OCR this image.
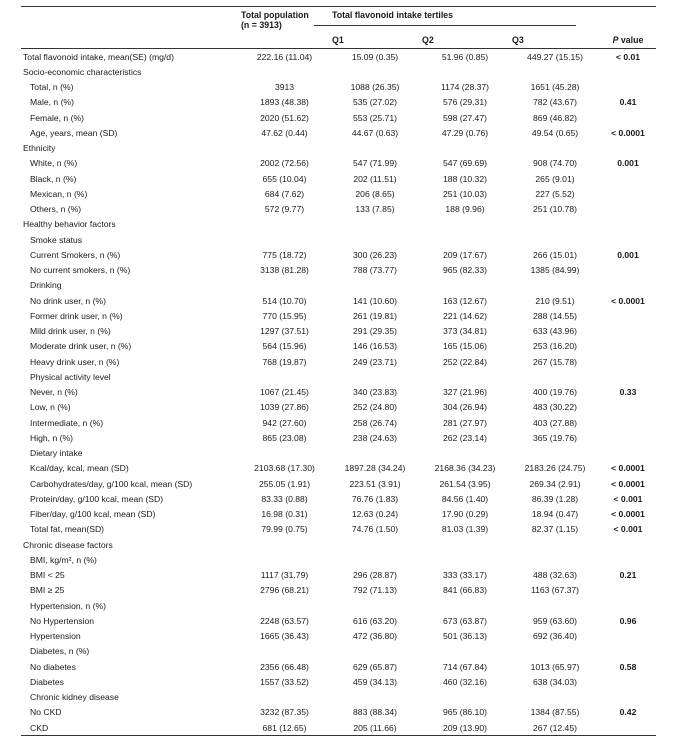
	Total population
(n = 3913)	Total flavonoid intake tertiles			
		Q1	Q2	Q3	P value
Total flavonoid intake, mean(SE) (mg/d)	222.16 (11.04)	15.09 (0.35)	51.96 (0.85)	449.27 (15.15)	< 0.01
Socio-economic characteristics					
Total, n (%)	3913	1088 (26.35)	1174 (28.37)	1651 (45.28)	
Male, n (%)	1893 (48.38)	535 (27.02)	576 (29.31)	782 (43.67)	0.41
Female, n (%)	2020 (51.62)	553 (25.71)	598 (27.47)	869 (46.82)	
Age, years, mean (SD)	47.62 (0.44)	44.67 (0.63)	47.29 (0.76)	49.54 (0.65)	< 0.0001
Ethnicity					
White, n (%)	2002 (72.56)	547 (71.99)	547 (69.69)	908 (74.70)	0.001
Black, n (%)	655 (10.04)	202 (11.51)	188 (10.32)	265 (9.01)	
Mexican, n (%)	684 (7.62)	206 (8.65)	251 (10.03)	227 (5.52)	
Others, n (%)	572 (9.77)	133 (7.85)	188 (9.96)	251 (10.78)	
Healthy behavior factors					
Smoke status					
Current Smokers, n (%)	775 (18.72)	300 (26.23)	209 (17.67)	266 (15.01)	0.001
No current smokers, n (%)	3138 (81.28)	788 (73.77)	965 (82.33)	1385 (84.99)	
Drinking					
No drink user, n (%)	514 (10.70)	141 (10.60)	163 (12.67)	210 (9.51)	< 0.0001
Former drink user, n (%)	770 (15.95)	261 (19.81)	221 (14.62)	288 (14.55)	
Mild drink user, n (%)	1297 (37.51)	291 (29.35)	373 (34.81)	633 (43.96)	
Moderate drink user, n (%)	564 (15.96)	146 (16.53)	165 (15.06)	253 (16.20)	
Heavy drink user, n (%)	768 (19.87)	249 (23.71)	252 (22.84)	267 (15.78)	
Physical activity level					
Never, n (%)	1067 (21.45)	340 (23.83)	327 (21.96)	400 (19.76)	0.33
Low, n (%)	1039 (27.86)	252 (24.80)	304 (26.94)	483 (30.22)	
Intermediate, n (%)	942 (27.60)	258 (26.74)	281 (27.97)	403 (27.88)	
High, n (%)	865 (23.08)	238 (24.63)	262 (23.14)	365 (19.76)	
Dietary intake					
Kcal/day, kcal, mean (SD)	2103.68 (17.30)	1897.28 (34.24)	2168.36 (34.23)	2183.26 (24.75)	< 0.0001
Carbohydrates/day, g/100 kcal, mean (SD)	255.05 (1.91)	223.51 (3.91)	261.54 (3.95)	269.34 (2.91)	< 0.0001
Protein/day, g/100 kcal, mean (SD)	83.33 (0.88)	76.76 (1.83)	84.56 (1.40)	86.39 (1.28)	< 0.001
Fiber/day, g/100 kcal, mean (SD)	16.98 (0.31)	12.63 (0.24)	17.90 (0.29)	18.94 (0.47)	< 0.0001
Total fat, mean(SD)	79.99 (0.75)	74.76 (1.50)	81.03 (1.39)	82.37 (1.15)	< 0.001
Chronic disease factors					
BMI, kg/m², n (%)					
BMI < 25	1117 (31.79)	296 (28.87)	333 (33.17)	488 (32.63)	0.21
BMI ≥ 25	2796 (68.21)	792 (71.13)	841 (66.83)	1163 (67.37)	
Hypertension, n (%)					
No Hypertension	2248 (63.57)	616 (63.20)	673 (63.87)	959 (63.60)	0.96
Hypertension	1665 (36.43)	472 (36.80)	501 (36.13)	692 (36.40)	
Diabetes, n (%)					
No diabetes	2356 (66.48)	629 (65.87)	714 (67.84)	1013 (65.97)	0.58
Diabetes	1557 (33.52)	459 (34.13)	460 (32.16)	638 (34.03)	
Chronic kidney disease					
No CKD	3232 (87.35)	883 (88.34)	965 (86.10)	1384 (87.55)	0.42
CKD	681 (12.65)	205 (11.66)	209 (13.90)	267 (12.45)	
